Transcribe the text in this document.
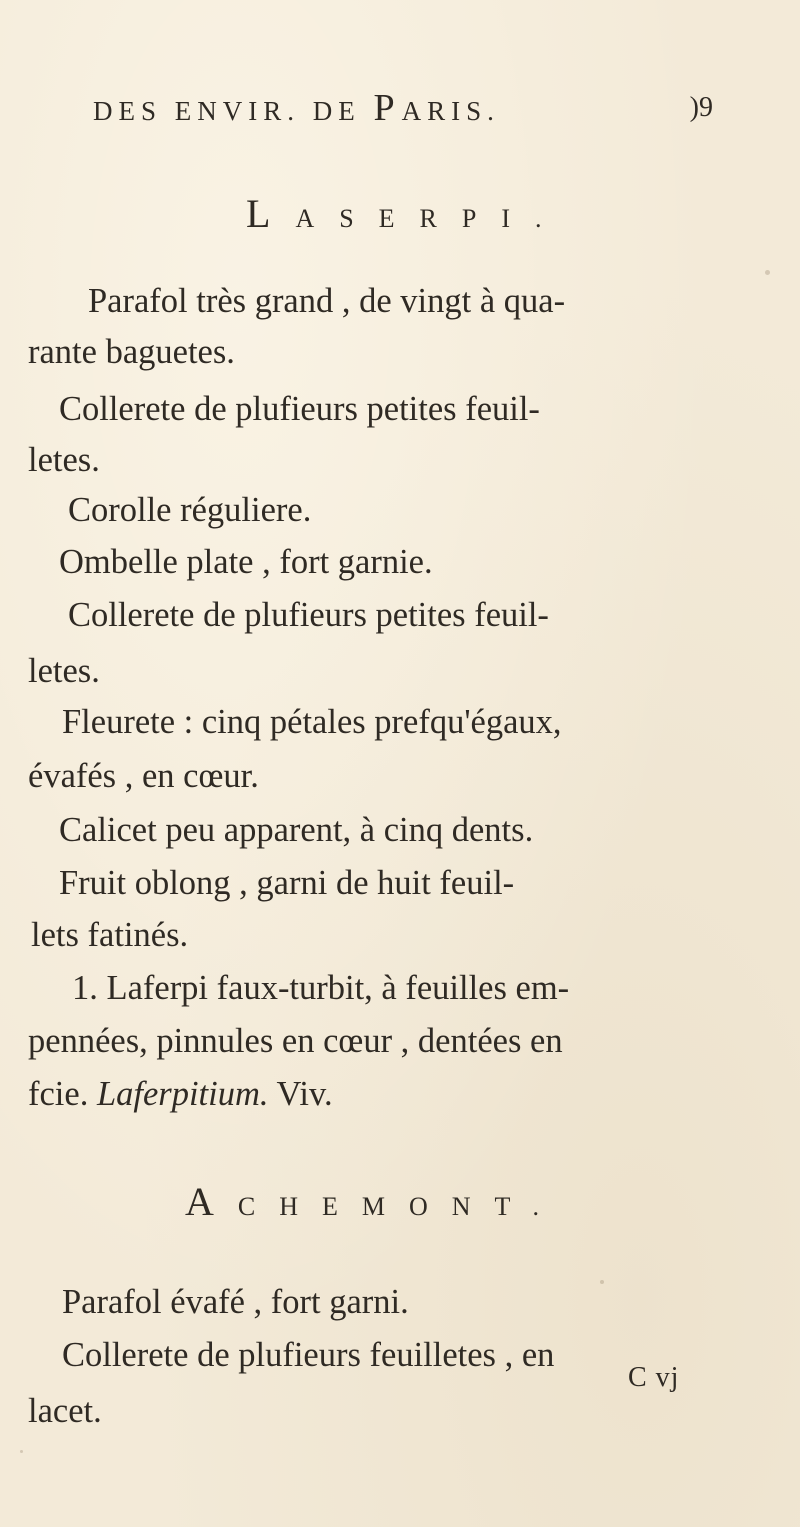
DES ENVIR. DE PARIS.	)9
LASERPI.
Parafol très grand , de vingt à qua-
rante baguetes.
Collerete de plufieurs petites feuil-
letes.
Corolle réguliere.
Ombelle plate , fort garnie.
Collerete de plufieurs petites feuil-
letes.
Fleurete : cinq pétales prefqu'égaux,
évafés , en cœur.
Calicet peu apparent, à cinq dents.
Fruit oblong , garni de huit feuil-
lets fatinés.
1. Laferpi faux-turbit, à feuilles em-
pennées, pinnules en cœur , dentées en
fcie. Laferpitium. Viv.
ACHEMONT.
Parafol évafé , fort garni.
Collerete de plufieurs feuilletes , en
lacet.
C vj
